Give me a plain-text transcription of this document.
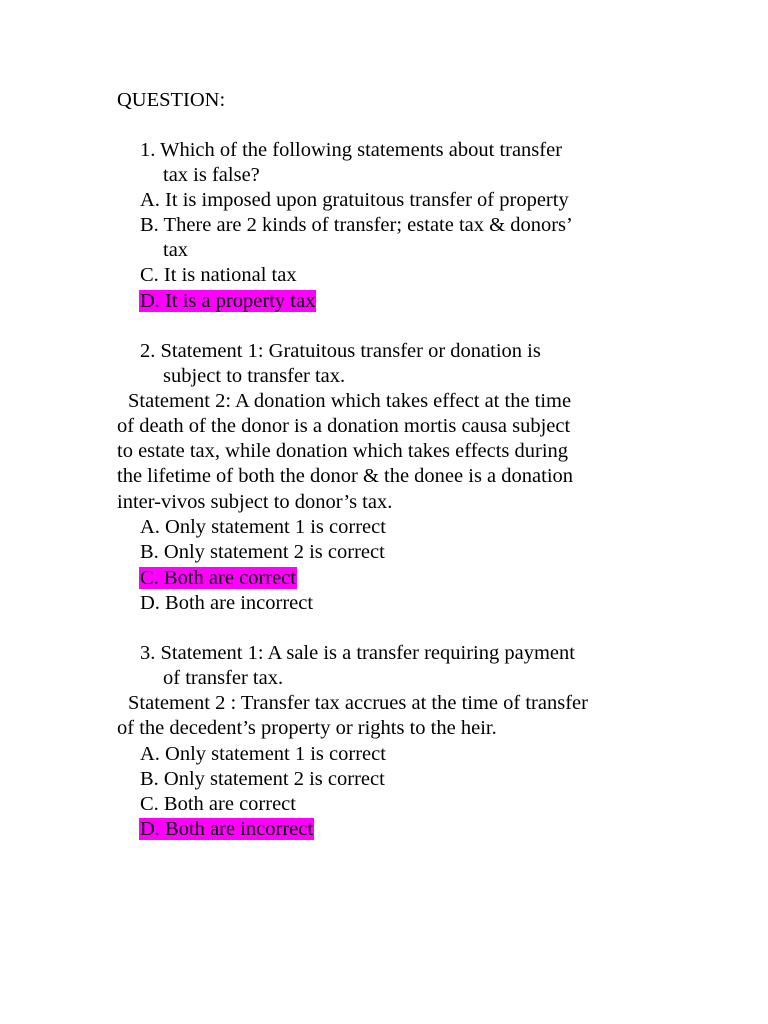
QUESTION:

1. Which of the following statements about transfer

tax is false?

A. It is imposed upon gratuitous transfer of property

B. There are 2 kinds of transfer; estate tax & donors’

tax

C. It is national tax

D. It is a property tax

2. Statement 1: Gratuitous transfer or donation is

subject to transfer tax.

Statement 2: A donation which takes effect at the time

of death of the donor is a donation mortis causa subject

to estate tax, while donation which takes effects during

the lifetime of both the donor & the donee is a donation

inter-vivos subject to donor’s tax.

A. Only statement 1 is correct

B. Only statement 2 is correct

C. Both are correct

D. Both are incorrect

3. Statement 1: A sale is a transfer requiring payment

of transfer tax.

Statement 2 : Transfer tax accrues at the time of transfer

of the decedent’s property or rights to the heir.

A. Only statement 1 is correct

B. Only statement 2 is correct

C. Both are correct

D. Both are incorrect
